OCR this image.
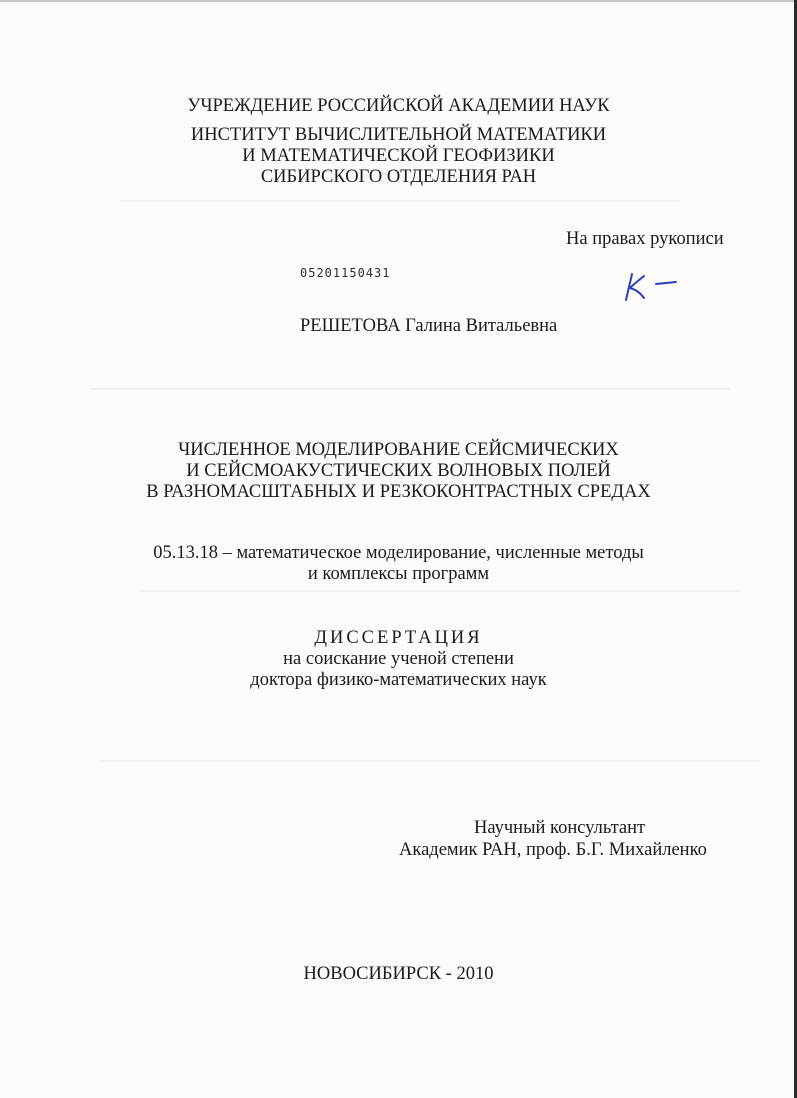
УЧРЕЖДЕНИЕ РОССИЙСКОЙ АКАДЕМИИ НАУК
ИНСТИТУТ ВЫЧИСЛИТЕЛЬНОЙ МАТЕМАТИКИ
И МАТЕМАТИЧЕСКОЙ ГЕОФИЗИКИ
СИБИРСКОГО ОТДЕЛЕНИЯ РАН
На правах рукописи
05201150431
РЕШЕТОВА Галина Витальевна
ЧИСЛЕННОЕ МОДЕЛИРОВАНИЕ СЕЙСМИЧЕСКИХ
И СЕЙСМОАКУСТИЧЕСКИХ ВОЛНОВЫХ ПОЛЕЙ
В РАЗНОМАСШТАБНЫХ И РЕЗКОКОНТРАСТНЫХ СРЕДАХ
05.13.18 – математическое моделирование, численные методы
и комплексы программ
ДИССЕРТАЦИЯ
на соискание ученой степени
доктора физико-математических наук
Научный консультант
Академик РАН, проф. Б.Г. Михайленко
НОВОСИБИРСК - 2010
